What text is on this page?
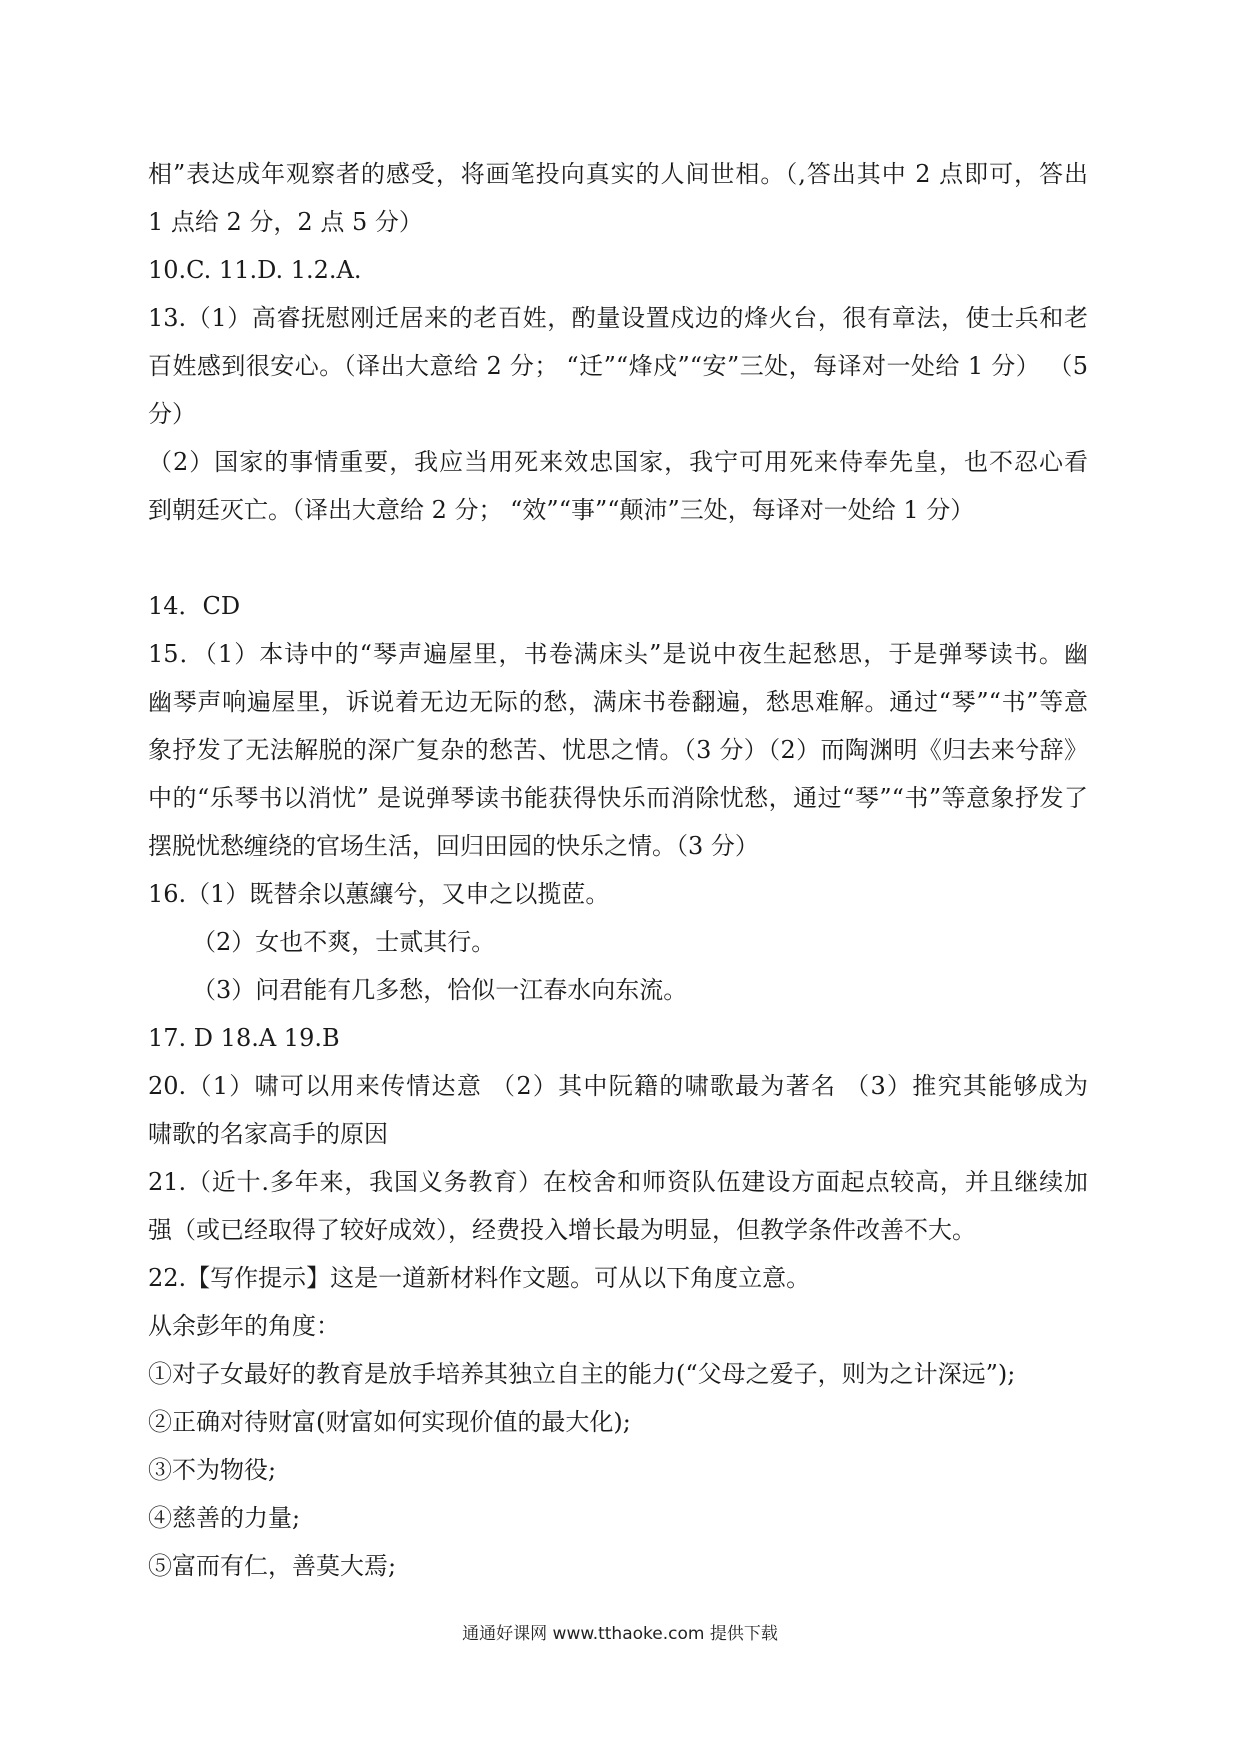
相”表达成年观察者的感受，将画笔投向真实的人间世相。（,答出其中 2 点即可，答出
1 点给 2 分，2 点 5 分）
10.C. 11.D. 1.2.A.
13.（1）高睿抚慰刚迁居来的老百姓，酌量设置戍边的烽火台，很有章法，使士兵和老
百姓感到很安心。（译出大意给 2 分； “迁”“烽戍”“安”三处，每译对一处给 1 分） （5
分）
（2）国家的事情重要，我应当用死来效忠国家，我宁可用死来侍奉先皇，也不忍心看
到朝廷灭亡。（译出大意给 2 分； “效”“事”“颠沛”三处，每译对一处给 1 分）
14．CD
15．（1）本诗中的“琴声遍屋里，书卷满床头”是说中夜生起愁思，于是弹琴读书。幽
幽琴声响遍屋里，诉说着无边无际的愁，满床书卷翻遍，愁思难解。通过“琴”“书”等意
象抒发了无法解脱的深广复杂的愁苦、忧思之情。（3 分）（2）而陶渊明《归去来兮辞》
中的“乐琴书以消忧” 是说弹琴读书能获得快乐而消除忧愁，通过“琴”“书”等意象抒发了
摆脱忧愁缠绕的官场生活，回归田园的快乐之情。（3 分）
16.（1）既替余以蕙纕兮，又申之以揽茝。
（2）女也不爽，士贰其行。
（3）问君能有几多愁，恰似一江春水向东流。
17. D 18.A 19.B
20.（1）啸可以用来传情达意 （2）其中阮籍的啸歌最为著名 （3）推究其能够成为
啸歌的名家高手的原因
21.（近十.多年来，我国义务教育）在校舍和师资队伍建设方面起点较高，并且继续加
强（或已经取得了较好成效），经费投入增长最为明显，但教学条件改善不大。
22.【写作提示】这是一道新材料作文题。可从以下角度立意。
从余彭年的角度：
①对子女最好的教育是放手培养其独立自主的能力(“父母之爱子，则为之计深远”);
②正确对待财富(财富如何实现价值的最大化);
③不为物役;
④慈善的力量;
⑤富而有仁，善莫大焉;
通通好课网 www.tthaoke.com 提供下载
